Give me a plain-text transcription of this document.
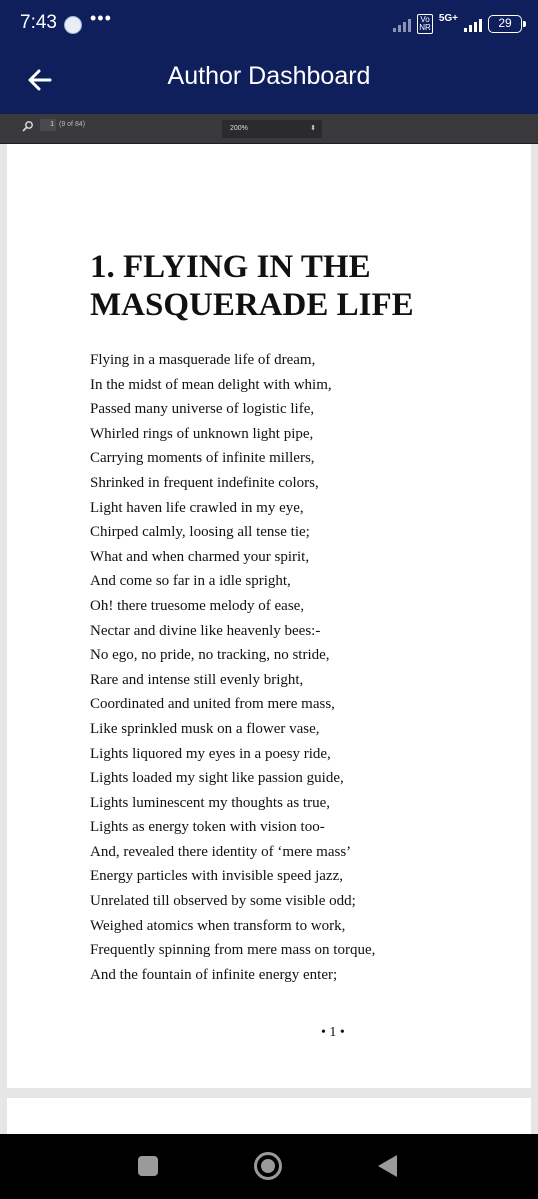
7:43 •••	Vo
NR
5G+	29
Author Dashboard
1 (9 of 84)
200%	⬍
1. FLYING IN THE
MASQUERADE LIFE
Flying in a masquerade life of dream,
In the midst of mean delight with whim,
Passed many universe of logistic life,
Whirled rings of unknown light pipe,
Carrying moments of infinite millers,
Shrinked in frequent indefinite colors,
Light haven life crawled in my eye,
Chirped calmly, loosing all tense tie;
What and when charmed your spirit,
And come so far in a idle spright,
Oh! there truesome melody of ease,
Nectar and divine like heavenly bees:-
No ego, no pride, no tracking, no stride,
Rare and intense still evenly bright,
Coordinated and united from mere mass,
Like sprinkled musk on a flower vase,
Lights liquored my eyes in a poesy ride,
Lights loaded my sight like passion guide,
Lights luminescent my thoughts as true,
Lights as energy token with vision too-
And, revealed there identity of ‘mere mass’
Energy particles with invisible speed jazz,
Unrelated till observed by some visible odd;
Weighed atomics when transform to work,
Frequently spinning from mere mass on torque,
And the fountain of infinite energy enter;
• 1 •
